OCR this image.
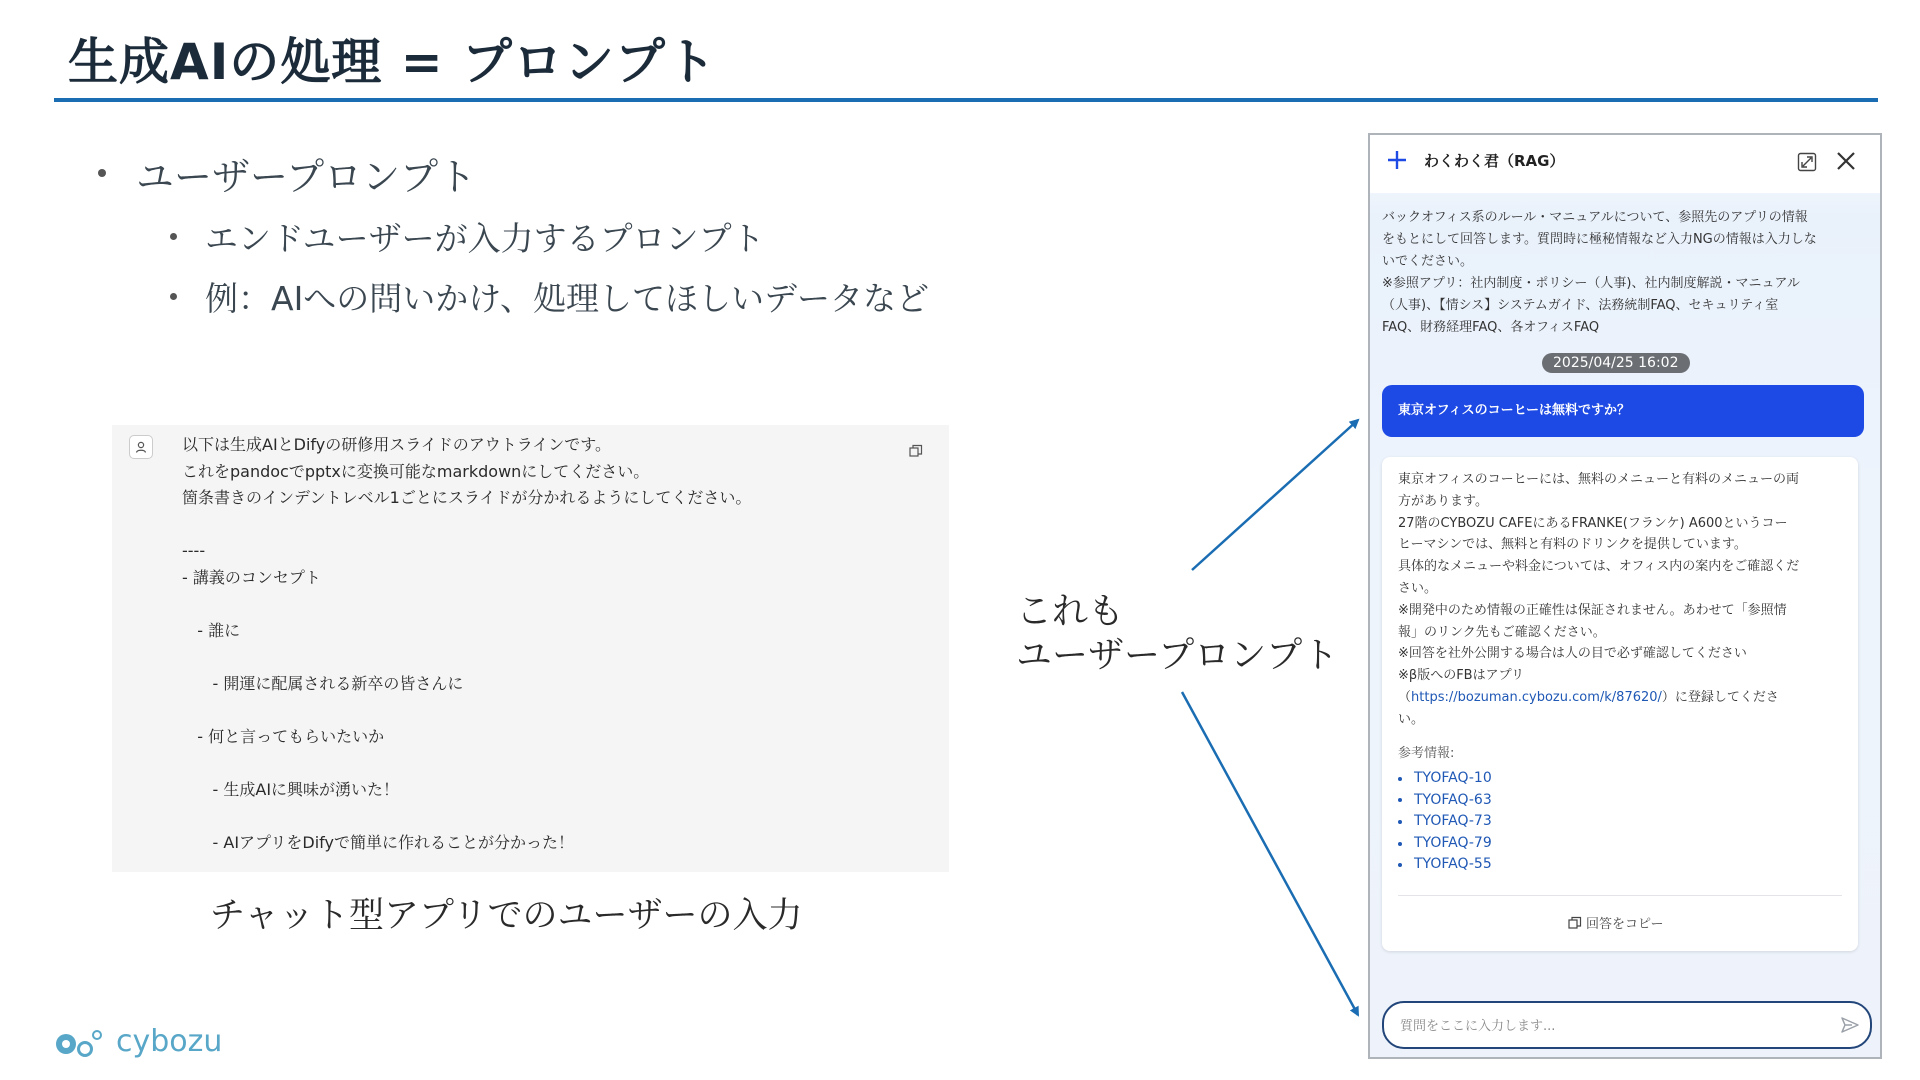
生成AIの処理 = プロンプト
ユーザープロンプト
エンドユーザーが入力するプロンプト
例：AIへの問いかけ、処理してほしいデータなど
以下は生成AIとDifyの研修用スライドのアウトラインです。
これをpandocでpptxに変換可能なmarkdownにしてください。
箇条書きのインデントレベル1ごとにスライドが分かれるようにしてください。
----
- 講義のコンセプト
- 誰に
- 開運に配属される新卒の皆さんに
- 何と言ってもらいたいか
- 生成AIに興味が湧いた！
- AIアプリをDifyで簡単に作れることが分かった！
チャット型アプリでのユーザーの入力
これも
ユーザープロンプト
わくわく君（RAG）
バックオフィス系のルール・マニュアルについて、参照先のアプリの情報
をもとにして回答します。質問時に極秘情報など入力NGの情報は入力しな
いでください。
※参照アプリ：社内制度・ポリシー（人事)、社内制度解説・マニュアル
（人事)、【情シス】システムガイド、法務統制FAQ、セキュリティ室
FAQ、財務経理FAQ、各オフィスFAQ
2025/04/25 16:02
東京オフィスのコーヒーは無料ですか？
東京オフィスのコーヒーには、無料のメニューと有料のメニューの両
方があります。
27階のCYBOZU CAFEにあるFRANKE(フランケ) A600というコー
ヒーマシンでは、無料と有料のドリンクを提供しています。
具体的なメニューや料金については、オフィス内の案内をご確認くだ
さい。
※開発中のため情報の正確性は保証されません。あわせて「参照情
報」のリンク先もご確認ください。
※回答を社外公開する場合は人の目で必ず確認してください
※β版へのFBはアプリ
（https://bozuman.cybozu.com/k/87620/）に登録してくださ
い。
参考情報:
TYOFAQ-10
TYOFAQ-63
TYOFAQ-73
TYOFAQ-79
TYOFAQ-55
回答をコピー
質問をここに入力します...
cybozu
